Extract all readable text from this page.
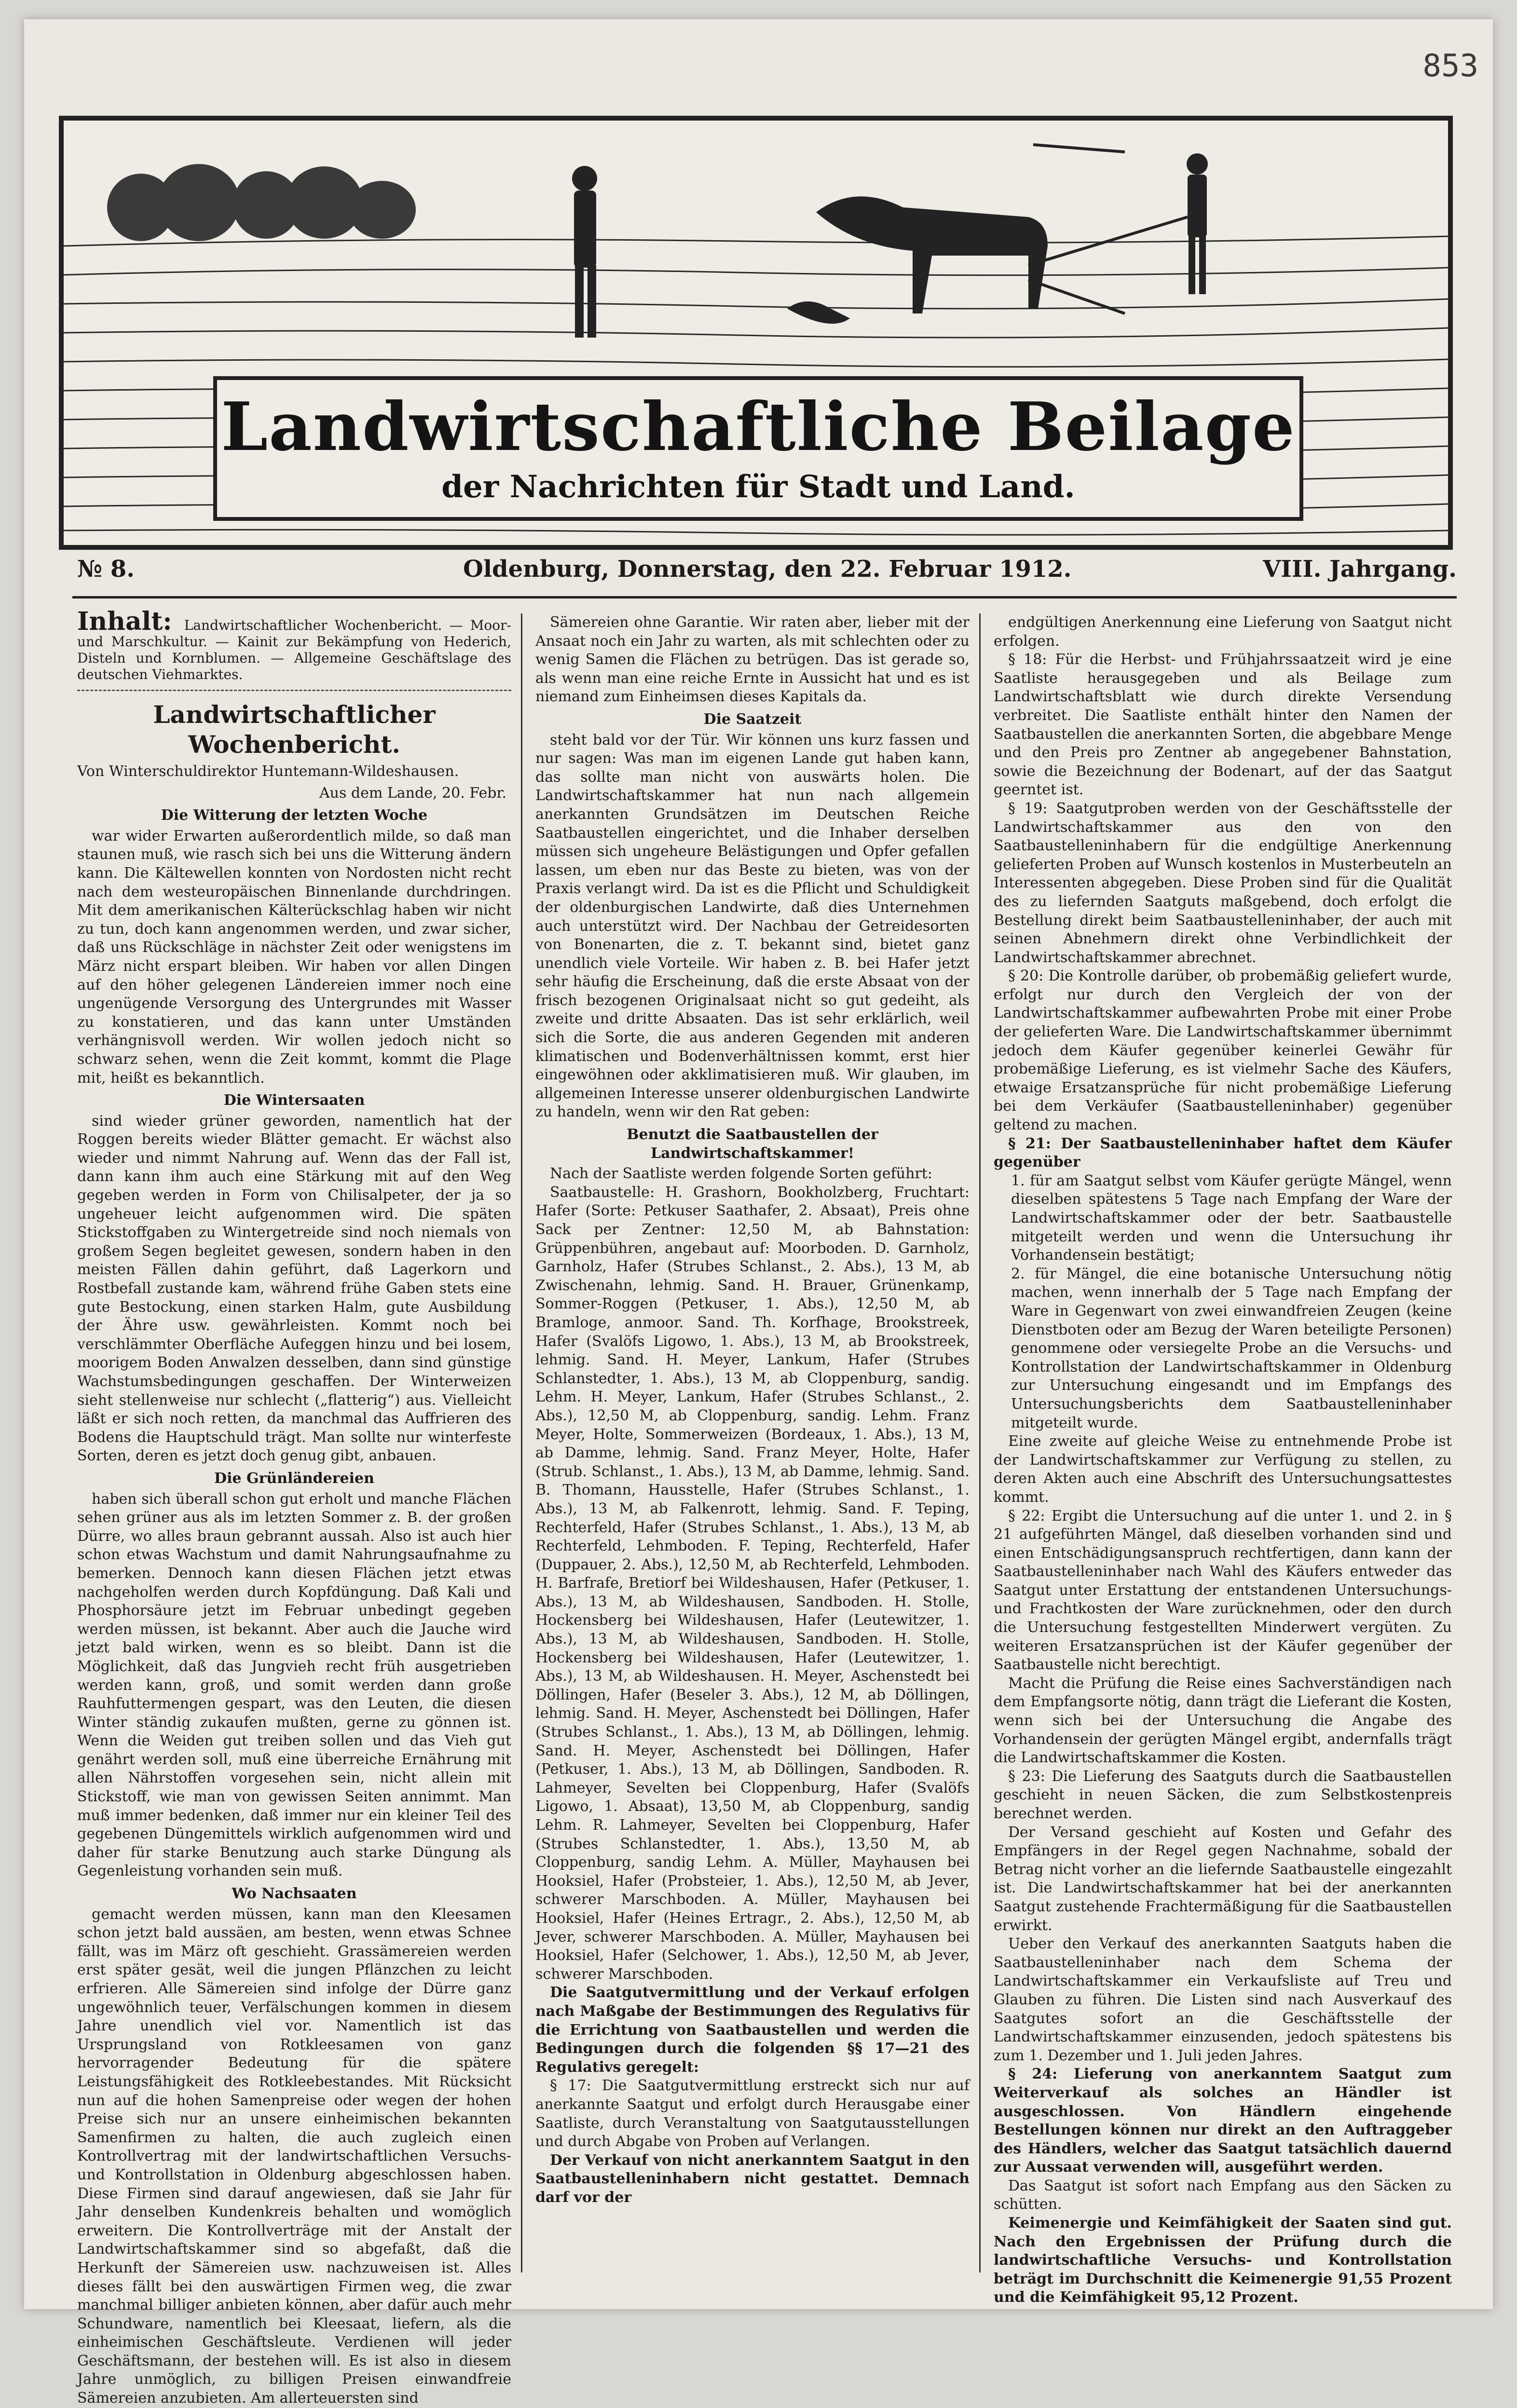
853
Landwirtschaftliche Beilage
der Nachrichten für Stadt und Land.
№ 8.	Oldenburg, Donnerstag, den 22. Februar 1912.	VIII. Jahrgang.
Inhalt: Landwirtschaftlicher Wochenbericht. — Moor- und Marschkultur. — Kainit zur Bekämpfung von Hederich, Disteln und Kornblumen. — Allgemeine Geschäftslage des deutschen Viehmarktes.
Landwirtschaftlicher Wochenbericht.
Von Winterschuldirektor Huntemann-Wildeshausen.
Aus dem Lande, 20. Febr.
Die Witterung der letzten Woche

war wider Erwarten außerordentlich milde, so daß man staunen muß, wie rasch sich bei uns die Witterung ändern kann. Die Kältewellen konnten von Nordosten nicht recht nach dem westeuropäischen Binnenlande durchdringen. Mit dem amerikanischen Kälterückschlag haben wir nicht zu tun, doch kann angenommen werden, und zwar sicher, daß uns Rückschläge in nächster Zeit oder wenigstens im März nicht erspart bleiben. Wir haben vor allen Dingen auf den höher gelegenen Ländereien immer noch eine ungenügende Versorgung des Untergrundes mit Wasser zu konstatieren, und das kann unter Umständen verhängnisvoll werden. Wir wollen jedoch nicht so schwarz sehen, wenn die Zeit kommt, kommt die Plage mit, heißt es bekanntlich.

Die Wintersaaten

sind wieder grüner geworden, namentlich hat der Roggen bereits wieder Blätter gemacht. Er wächst also wieder und nimmt Nahrung auf. Wenn das der Fall ist, dann kann ihm auch eine Stärkung mit auf den Weg gegeben werden in Form von Chilisalpeter, der ja so ungeheuer leicht aufgenommen wird. Die späten Stickstoffgaben zu Wintergetreide sind noch niemals von großem Segen begleitet gewesen, sondern haben in den meisten Fällen dahin geführt, daß Lagerkorn und Rostbefall zustande kam, während frühe Gaben stets eine gute Bestockung, einen starken Halm, gute Ausbildung der Ähre usw. gewährleisten. Kommt noch bei verschlämmter Oberfläche Aufeggen hinzu und bei losem, moorigem Boden Anwalzen desselben, dann sind günstige Wachstumsbedingungen geschaffen. Der Winterweizen sieht stellenweise nur schlecht („flatterig“) aus. Vielleicht läßt er sich noch retten, da manchmal das Auffrieren des Bodens die Hauptschuld trägt. Man sollte nur winterfeste Sorten, deren es jetzt doch genug gibt, anbauen.

Die Grünländereien

haben sich überall schon gut erholt und manche Flächen sehen grüner aus als im letzten Sommer z. B. der großen Dürre, wo alles braun gebrannt aussah. Also ist auch hier schon etwas Wachstum und damit Nahrungsaufnahme zu bemerken. Dennoch kann diesen Flächen jetzt etwas nachgeholfen werden durch Kopfdüngung. Daß Kali und Phosphorsäure jetzt im Februar unbedingt gegeben werden müssen, ist bekannt. Aber auch die Jauche wird jetzt bald wirken, wenn es so bleibt. Dann ist die Möglichkeit, daß das Jungvieh recht früh ausgetrieben werden kann, groß, und somit werden dann große Rauhfuttermengen gespart, was den Leuten, die diesen Winter ständig zukaufen mußten, gerne zu gönnen ist. Wenn die Weiden gut treiben sollen und das Vieh gut genährt werden soll, muß eine überreiche Ernährung mit allen Nährstoffen vorgesehen sein, nicht allein mit Stickstoff, wie man von gewissen Seiten annimmt. Man muß immer bedenken, daß immer nur ein kleiner Teil des gegebenen Düngemittels wirklich aufgenommen wird und daher für starke Benutzung auch starke Düngung als Gegenleistung vorhanden sein muß.

Wo Nachsaaten

gemacht werden müssen, kann man den Kleesamen schon jetzt bald aussäen, am besten, wenn etwas Schnee fällt, was im März oft geschieht. Grassämereien werden erst später gesät, weil die jungen Pflänzchen zu leicht erfrieren. Alle Sämereien sind infolge der Dürre ganz ungewöhnlich teuer, Verfälschungen kommen in diesem Jahre unendlich viel vor. Namentlich ist das Ursprungsland von Rotkleesamen von ganz hervorragender Bedeutung für die spätere Leistungsfähigkeit des Rotkleebestandes. Mit Rücksicht nun auf die hohen Samenpreise oder wegen der hohen Preise sich nur an unsere einheimischen bekannten Samenfirmen zu halten, die auch zugleich einen Kontrollvertrag mit der landwirtschaftlichen Versuchs- und Kontrollstation in Oldenburg abgeschlossen haben. Diese Firmen sind darauf angewiesen, daß sie Jahr für Jahr denselben Kundenkreis behalten und womöglich erweitern. Die Kontrollverträge mit der Anstalt der Landwirtschaftskammer sind so abgefaßt, daß die Herkunft der Sämereien usw. nachzuweisen ist. Alles dieses fällt bei den auswärtigen Firmen weg, die zwar manchmal billiger anbieten können, aber dafür auch mehr Schundware, namentlich bei Kleesaat, liefern, als die einheimischen Geschäftsleute. Verdienen will jeder Geschäftsmann, der bestehen will. Es ist also in diesem Jahre unmöglich, zu billigen Preisen einwandfreie Sämereien anzubieten. Am allerteuersten sind

Sämereien ohne Garantie. Wir raten aber, lieber mit der Ansaat noch ein Jahr zu warten, als mit schlechten oder zu wenig Samen die Flächen zu betrügen. Das ist gerade so, als wenn man eine reiche Ernte in Aussicht hat und es ist niemand zum Einheimsen dieses Kapitals da.

Die Saatzeit

steht bald vor der Tür. Wir können uns kurz fassen und nur sagen: Was man im eigenen Lande gut haben kann, das sollte man nicht von auswärts holen. Die Landwirtschaftskammer hat nun nach allgemein anerkannten Grundsätzen im Deutschen Reiche Saatbaustellen eingerichtet, und die Inhaber derselben müssen sich ungeheure Belästigungen und Opfer gefallen lassen, um eben nur das Beste zu bieten, was von der Praxis verlangt wird. Da ist es die Pflicht und Schuldigkeit der oldenburgischen Landwirte, daß dies Unternehmen auch unterstützt wird. Der Nachbau der Getreidesorten von Bonenarten, die z. T. bekannt sind, bietet ganz unendlich viele Vorteile. Wir haben z. B. bei Hafer jetzt sehr häufig die Erscheinung, daß die erste Absaat von der frisch bezogenen Originalsaat nicht so gut gedeiht, als zweite und dritte Absaaten. Das ist sehr erklärlich, weil sich die Sorte, die aus anderen Gegenden mit anderen klimatischen und Bodenverhältnissen kommt, erst hier eingewöhnen oder akklimatisieren muß. Wir glauben, im allgemeinen Interesse unserer oldenburgischen Landwirte zu handeln, wenn wir den Rat geben:

Benutzt die Saatbaustellen der Landwirtschaftskammer!

Nach der Saatliste werden folgende Sorten geführt:

Saatbaustelle: H. Grashorn, Bookholzberg, Fruchtart: Hafer (Sorte: Petkuser Saathafer, 2. Absaat), Preis ohne Sack per Zentner: 12,50 M, ab Bahnstation: Grüppenbühren, angebaut auf: Moorboden. D. Garnholz, Garnholz, Hafer (Strubes Schlanst., 2. Abs.), 13 M, ab Zwischenahn, lehmig. Sand. H. Brauer, Grünenkamp, Sommer-Roggen (Petkuser, 1. Abs.), 12,50 M, ab Bramloge, anmoor. Sand. Th. Korfhage, Brookstreek, Hafer (Svalöfs Ligowo, 1. Abs.), 13 M, ab Brookstreek, lehmig. Sand. H. Meyer, Lankum, Hafer (Strubes Schlanstedter, 1. Abs.), 13 M, ab Cloppenburg, sandig. Lehm. H. Meyer, Lankum, Hafer (Strubes Schlanst., 2. Abs.), 12,50 M, ab Cloppenburg, sandig. Lehm. Franz Meyer, Holte, Sommerweizen (Bordeaux, 1. Abs.), 13 M, ab Damme, lehmig. Sand. Franz Meyer, Holte, Hafer (Strub. Schlanst., 1. Abs.), 13 M, ab Damme, lehmig. Sand. B. Thomann, Hausstelle, Hafer (Strubes Schlanst., 1. Abs.), 13 M, ab Falkenrott, lehmig. Sand. F. Teping, Rechterfeld, Hafer (Strubes Schlanst., 1. Abs.), 13 M, ab Rechterfeld, Lehmboden. F. Teping, Rechterfeld, Hafer (Duppauer, 2. Abs.), 12,50 M, ab Rechterfeld, Lehmboden. H. Barfrafe, Bretiorf bei Wildeshausen, Hafer (Petkuser, 1. Abs.), 13 M, ab Wildeshausen, Sandboden. H. Stolle, Hockensberg bei Wildeshausen, Hafer (Leutewitzer, 1. Abs.), 13 M, ab Wildeshausen, Sandboden. H. Stolle, Hockensberg bei Wildeshausen, Hafer (Leutewitzer, 1. Abs.), 13 M, ab Wildeshausen. H. Meyer, Aschenstedt bei Döllingen, Hafer (Beseler 3. Abs.), 12 M, ab Döllingen, lehmig. Sand. H. Meyer, Aschenstedt bei Döllingen, Hafer (Strubes Schlanst., 1. Abs.), 13 M, ab Döllingen, lehmig. Sand. H. Meyer, Aschenstedt bei Döllingen, Hafer (Petkuser, 1. Abs.), 13 M, ab Döllingen, Sandboden. R. Lahmeyer, Sevelten bei Cloppenburg, Hafer (Svalöfs Ligowo, 1. Absaat), 13,50 M, ab Cloppenburg, sandig Lehm. R. Lahmeyer, Sevelten bei Cloppenburg, Hafer (Strubes Schlanstedter, 1. Abs.), 13,50 M, ab Cloppenburg, sandig Lehm. A. Müller, Mayhausen bei Hooksiel, Hafer (Probsteier, 1. Abs.), 12,50 M, ab Jever, schwerer Marschboden. A. Müller, Mayhausen bei Hooksiel, Hafer (Heines Ertragr., 2. Abs.), 12,50 M, ab Jever, schwerer Marschboden. A. Müller, Mayhausen bei Hooksiel, Hafer (Selchower, 1. Abs.), 12,50 M, ab Jever, schwerer Marschboden.

Die Saatgutvermittlung und der Verkauf erfolgen nach Maßgabe der Bestimmungen des Regulativs für die Errichtung von Saatbaustellen und werden die Bedingungen durch die folgenden §§ 17—21 des Regulativs geregelt:

§ 17: Die Saatgutvermittlung erstreckt sich nur auf anerkannte Saatgut und erfolgt durch Herausgabe einer Saatliste, durch Veranstaltung von Saatgutausstellungen und durch Abgabe von Proben auf Verlangen.

Der Verkauf von nicht anerkanntem Saatgut in den Saatbaustelleninhabern nicht gestattet. Demnach darf vor der

endgültigen Anerkennung eine Lieferung von Saatgut nicht erfolgen.

§ 18: Für die Herbst- und Frühjahrssaatzeit wird je eine Saatliste herausgegeben und als Beilage zum Landwirtschaftsblatt wie durch direkte Versendung verbreitet. Die Saatliste enthält hinter den Namen der Saatbaustellen die anerkannten Sorten, die abgebbare Menge und den Preis pro Zentner ab angegebener Bahnstation, sowie die Bezeichnung der Bodenart, auf der das Saatgut geerntet ist.

§ 19: Saatgutproben werden von der Geschäftsstelle der Landwirtschaftskammer aus den von den Saatbaustelleninhabern für die endgültige Anerkennung gelieferten Proben auf Wunsch kostenlos in Musterbeuteln an Interessenten abgegeben. Diese Proben sind für die Qualität des zu liefernden Saatguts maßgebend, doch erfolgt die Bestellung direkt beim Saatbaustelleninhaber, der auch mit seinen Abnehmern direkt ohne Verbindlichkeit der Landwirtschaftskammer abrechnet.

§ 20: Die Kontrolle darüber, ob probemäßig geliefert wurde, erfolgt nur durch den Vergleich der von der Landwirtschaftskammer aufbewahrten Probe mit einer Probe der gelieferten Ware. Die Landwirtschaftskammer übernimmt jedoch dem Käufer gegenüber keinerlei Gewähr für probemäßige Lieferung, es ist vielmehr Sache des Käufers, etwaige Ersatzansprüche für nicht probemäßige Lieferung bei dem Verkäufer (Saatbaustelleninhaber) gegenüber geltend zu machen.

§ 21: Der Saatbaustelleninhaber haftet dem Käufer gegenüber

1. für am Saatgut selbst vom Käufer gerügte Mängel, wenn dieselben spätestens 5 Tage nach Empfang der Ware der Landwirtschaftskammer oder der betr. Saatbaustelle mitgeteilt werden und wenn die Untersuchung ihr Vorhandensein bestätigt;

2. für Mängel, die eine botanische Untersuchung nötig machen, wenn innerhalb der 5 Tage nach Empfang der Ware in Gegenwart von zwei einwandfreien Zeugen (keine Dienstboten oder am Bezug der Waren beteiligte Personen) genommene oder versiegelte Probe an die Versuchs- und Kontrollstation der Landwirtschaftskammer in Oldenburg zur Untersuchung eingesandt und im Empfangs des Untersuchungsberichts dem Saatbaustelleninhaber mitgeteilt wurde.

Eine zweite auf gleiche Weise zu entnehmende Probe ist der Landwirtschaftskammer zur Verfügung zu stellen, zu deren Akten auch eine Abschrift des Untersuchungsattestes kommt.

§ 22: Ergibt die Untersuchung auf die unter 1. und 2. in § 21 aufgeführten Mängel, daß dieselben vorhanden sind und einen Entschädigungsanspruch rechtfertigen, dann kann der Saatbaustelleninhaber nach Wahl des Käufers entweder das Saatgut unter Erstattung der entstandenen Untersuchungs- und Frachtkosten der Ware zurücknehmen, oder den durch die Untersuchung festgestellten Minderwert vergüten. Zu weiteren Ersatzansprüchen ist der Käufer gegenüber der Saatbaustelle nicht berechtigt.

Macht die Prüfung die Reise eines Sachverständigen nach dem Empfangsorte nötig, dann trägt die Lieferant die Kosten, wenn sich bei der Untersuchung die Angabe des Vorhandensein der gerügten Mängel ergibt, andernfalls trägt die Landwirtschaftskammer die Kosten.

§ 23: Die Lieferung des Saatguts durch die Saatbaustellen geschieht in neuen Säcken, die zum Selbstkostenpreis berechnet werden.

Der Versand geschieht auf Kosten und Gefahr des Empfängers in der Regel gegen Nachnahme, sobald der Betrag nicht vorher an die liefernde Saatbaustelle eingezahlt ist. Die Landwirtschaftskammer hat bei der anerkannten Saatgut zustehende Frachtermäßigung für die Saatbaustellen erwirkt.

Ueber den Verkauf des anerkannten Saatguts haben die Saatbaustelleninhaber nach dem Schema der Landwirtschaftskammer ein Verkaufsliste auf Treu und Glauben zu führen. Die Listen sind nach Ausverkauf des Saatgutes sofort an die Geschäftsstelle der Landwirtschaftskammer einzusenden, jedoch spätestens bis zum 1. Dezember und 1. Juli jeden Jahres.

§ 24: Lieferung von anerkanntem Saatgut zum Weiterverkauf als solches an Händler ist ausgeschlossen. Von Händlern eingehende Bestellungen können nur direkt an den Auftraggeber des Händlers, welcher das Saatgut tatsächlich dauernd zur Aussaat verwenden will, ausgeführt werden.

Das Saatgut ist sofort nach Empfang aus den Säcken zu schütten.

Keimenergie und Keimfähigkeit der Saaten sind gut. Nach den Ergebnissen der Prüfung durch die landwirtschaftliche Versuchs- und Kontrollstation beträgt im Durchschnitt die Keimenergie 91,55 Prozent und die Keimfähigkeit 95,12 Prozent.
